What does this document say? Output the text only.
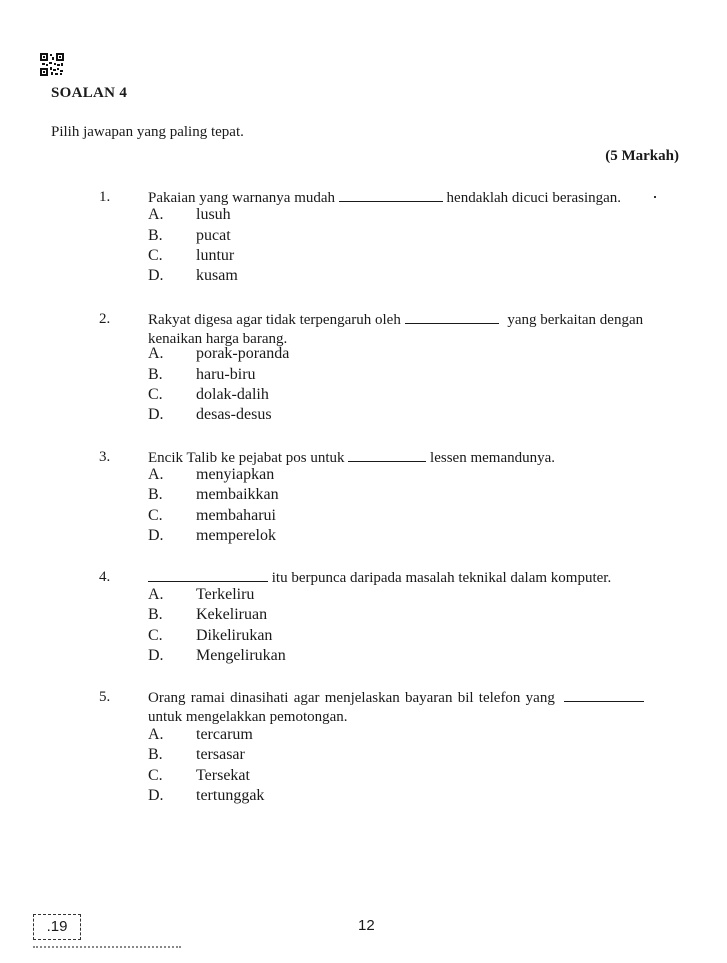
SOALAN 4
Pilih jawapan yang paling tepat.
(5 Markah)
1.	Pakaian yang warnanya mudah	hendaklah dicuci berasingan.
A. lusuh
B. pucat
C. luntur
D. kusam
2.	Rakyat digesa agar tidak terpengaruh oleh	yang berkaitan dengan
kenaikan harga barang.
A. porak-poranda
B. haru-biru
C. dolak-dalih
D. desas-desus
3.	Encik Talib ke pejabat pos untuk	lessen memandunya.
A. menyiapkan
B. membaikkan
C. membaharui
D. memperelok
4.	itu berpunca daripada masalah teknikal dalam komputer.
A. Terkeliru
B. Kekeliruan
C. Dikelirukan
D. Mengelirukan
5.	Orang ramai dinasihati agar menjelaskan bayaran bil telefon yang
untuk mengelakkan pemotongan.
A. tercarum
B. tersasar
C. Tersekat
D. tertunggak
.19	12
